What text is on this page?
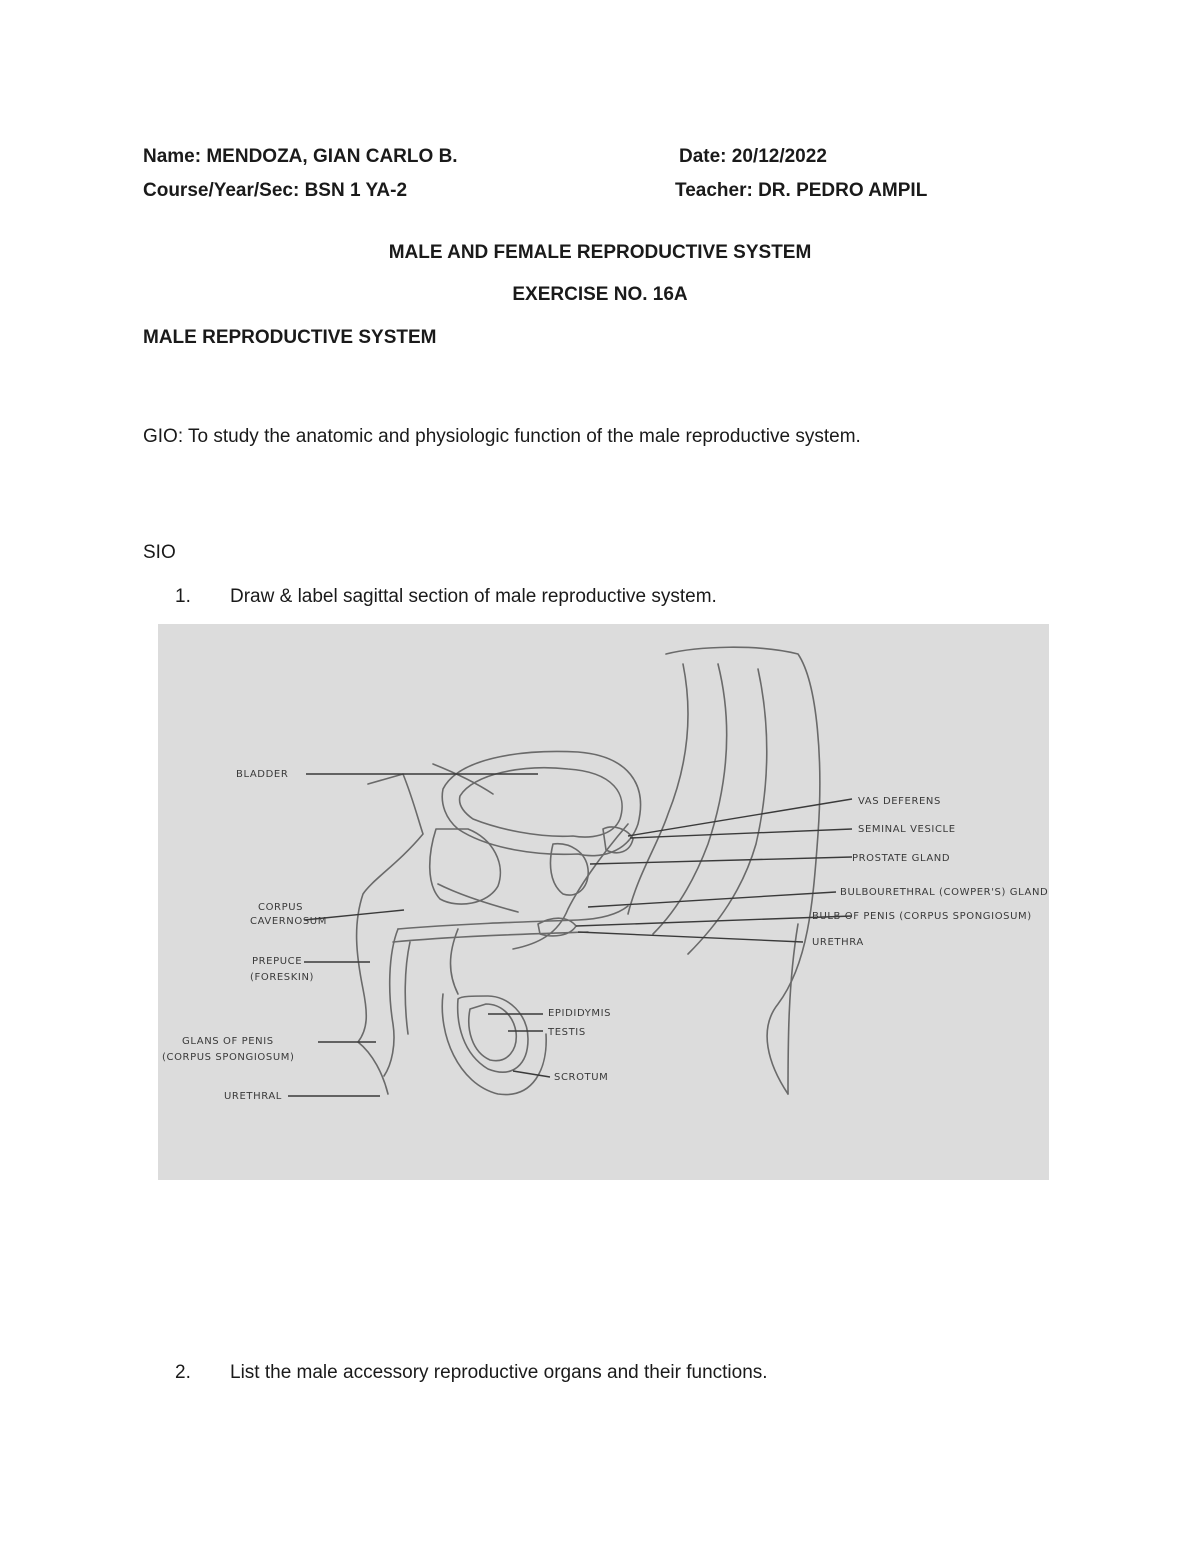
Name: MENDOZA, GIAN CARLO B.	Date: 20/12/2022
Course/Year/Sec: BSN 1 YA-2	Teacher: DR. PEDRO AMPIL
MALE AND FEMALE REPRODUCTIVE SYSTEM
EXERCISE NO. 16A
MALE REPRODUCTIVE SYSTEM
GIO: To study the anatomic and physiologic function of the male reproductive system.
SIO
1. Draw & label sagittal section of male reproductive system.
BLADDER
VAS DEFERENS
SEMINAL VESICLE
PROSTATE GLAND
BULBOURETHRAL (COWPER'S) GLAND
BULB OF PENIS (CORPUS SPONGIOSUM)
URETHRA
CORPUS
CAVERNOSUM
PREPUCE
(FORESKIN)
EPIDIDYMIS
TESTIS
GLANS OF PENIS
(CORPUS SPONGIOSUM)
SCROTUM
URETHRAL
2. List the male accessory reproductive organs and their functions.
